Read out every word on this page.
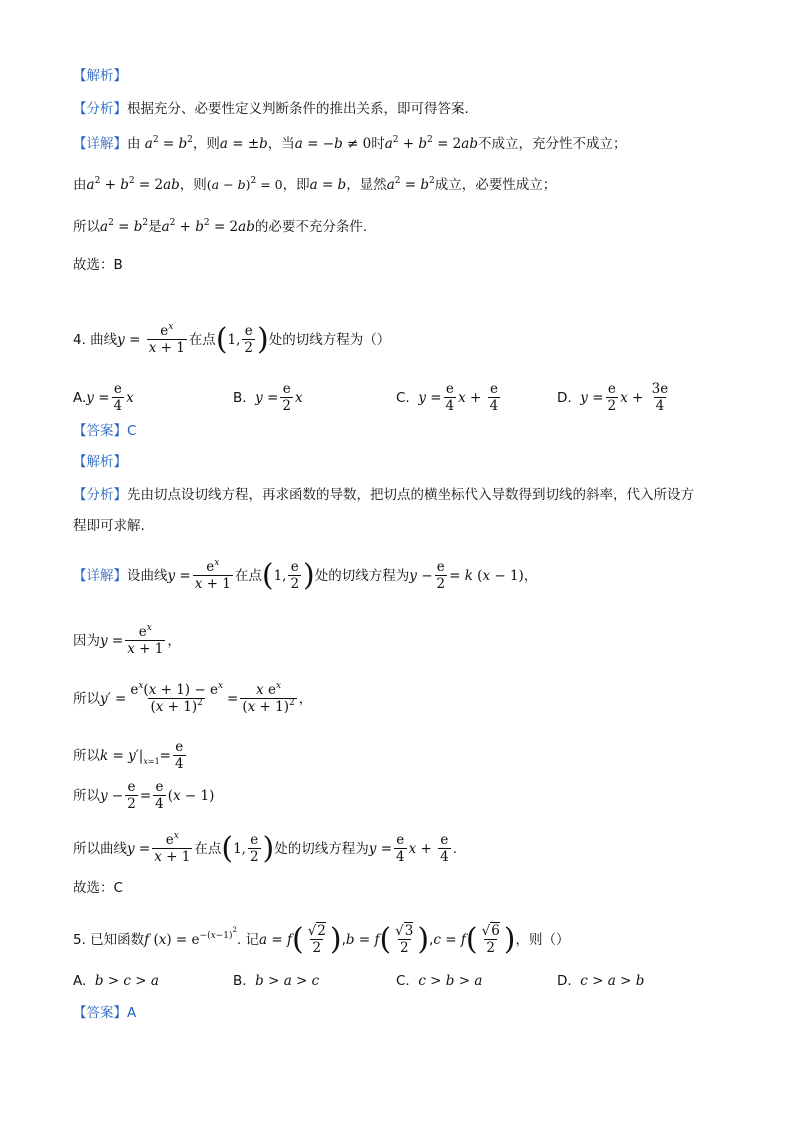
【解析】
【分析】根据充分、必要性定义判断条件的推出关系，即可得答案.
【详解】由 $a^2 = b^2$，则a = ±b，当a = −b ≠ 0时$a^2 + b^2 = 2ab$不成立，充分性不成立；
由$a^2 + b^2 = 2ab$，则$(a - b)^2 = 0$，即a = b，显然$a^2 = b^2$成立，必要性成立；
所以$a^2 = b^2$是$a^2 + b^2 = 2ab$的必要不充分条件.
故选：B
4. 曲线$y = \frac{e^x}{x + 1}$ 在点(1, $\frac{e}{2}$ )处的切线方程为（）
$A.y = \frac{e}{4}$ x	B. $y = \frac{e}{2}$ x	C. $y = \frac{e}{4}$ $x + \frac{e}{4}$	D. $y = \frac{e}{2}$ $x + \frac{3e}{4}$
【答案】C
【解析】
【分析】先由切点设切线方程，再求函数的导数，把切点的横坐标代入导数得到切线的斜率，代入所设方
程即可求解.
【详解】设曲线$y = \frac{e^x}{x + 1}$ 在点(1, $\frac{e}{2}$ )处的切线方程为$y - \frac{e}{2} = k$ (x − 1)，
因为$y = \frac{e^x}{x + 1}$ ，
所以$y' = \frac{e^x(x + 1) - e^x}{(x + 1)^2} = \frac{x e^x}{(x + 1)^2}$ ，
所以$k = y'|_{x=1}= \frac{e}{4}$
所以$y - \frac{e}{2} = \frac{e}{4} (x - 1)$
所以曲线$y = \frac{e^x}{x + 1}$ 在点(1, $\frac{e}{2}$ )处的切线方程为$y = \frac{e}{4}$ $x + \frac{e}{4}$ .
故选：C
5. 已知函数f $(x) = e^{-(x-1)^2}$. 记$a = f( \frac{√2}{2} ),b = f( \frac{√3}{2} ),c = f( \frac{√6}{2}$ )，则（）
A. b > c > a	B. b > a > c	C. c > b > a	D. c > a > b
【答案】A
